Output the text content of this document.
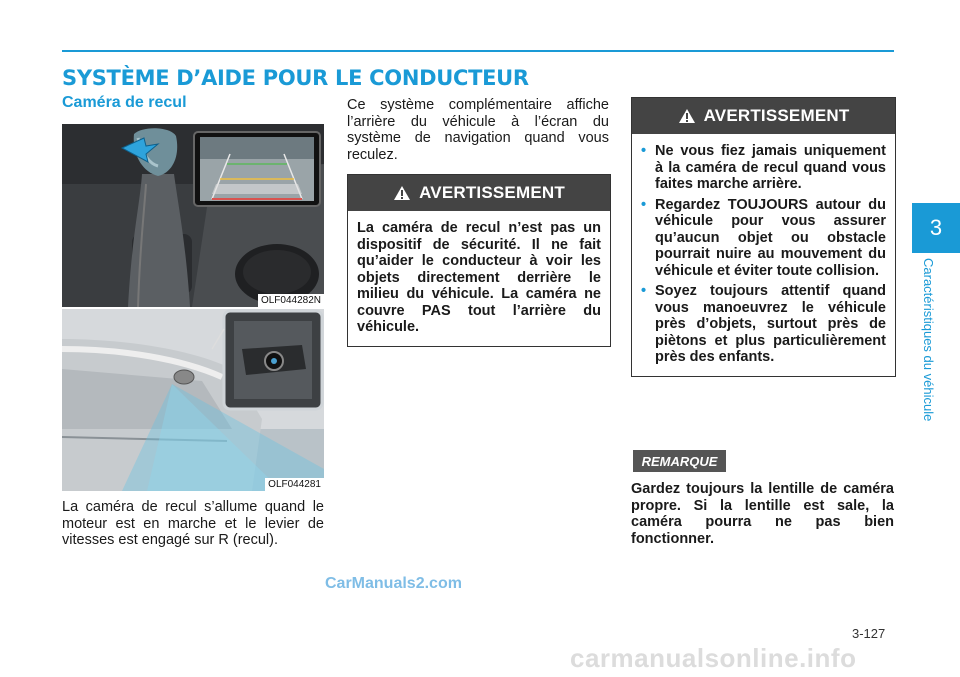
SYSTÈME D’AIDE POUR LE CONDUCTEUR
3

Caractéristiques du véhicule

Caméra de recul
OLF044282N
OLF044281

La caméra de recul s’allume quand le moteur est en marche et le levier de vitesses est engagé sur R (recul).

Ce système complémentaire affiche l’arrière du véhicule à l’écran du système de navigation quand vous reculez.

AVERTISSEMENT
La caméra de recul n’est pas un dispositif de sécurité. Il ne fait qu’aider le conducteur à voir les objets directement derrière le milieu du véhicule. La caméra ne couvre PAS tout l’arrière du véhicule.
AVERTISSEMENT
• Ne vous fiez jamais uniquement à la caméra de recul quand vous faites marche arrière.
• Regardez TOUJOURS autour du véhicule pour vous assurer qu’aucun objet ou obstacle pourrait nuire au mouvement du véhicule et éviter toute collision.
• Soyez toujours attentif quand vous manoeuvrez le véhicule près d’objets, surtout près de piètons et plus particulièrement près des enfants.
REMARQUE

Gardez toujours la lentille de caméra propre. Si la lentille est sale, la caméra pourra ne pas bien fonctionner.

CarManuals2.com

3-127

carmanualsonline.info
